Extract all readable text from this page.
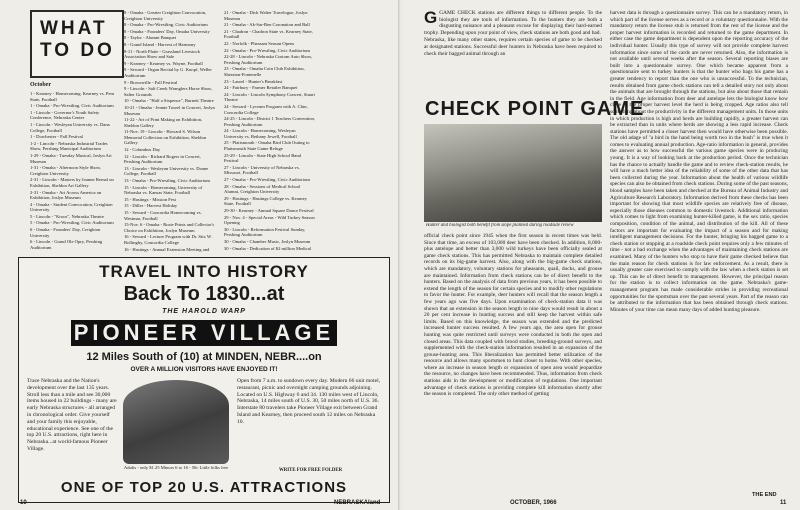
WHAT
TO DO
October
1 - Kearney - Homecoming. Kearney vs. Peru State, Football
1 - Omaha - Pro-Wrestling, Civic Auditorium
1 - Lincoln - Governor's Youth Safety Conference, Nebraska Center
1 - Lincoln - Wesleyan University vs. Dana College, Football
1 - Dorchester - Fall Festival
1-2 - Lincoln - Nebraska Industrial Trades Show, Pershing Municipal Auditorium
1-29 - Omaha - Tuesday Musical, Joslyn Art Museum
1-31 - Omaha - Afternoon Style Show, Creighton University
2-31 - Lincoln - Masters by Joanne Bernal on Exhibition, Sheldon Art Gallery
2-31 - Omaha - Art Across America on Exhibition, Joslyn Museum
4 - Omaha - Student Convocation, Creighton University
5 - Lincoln - "Kroos", Nebraska Theatre
5 - Omaha - Pro-Wrestling, Civic Auditorium
6 - Omaha - Founders' Day, Creighton University
6 - Lincoln - Grand Ole Opry, Pershing Auditorium
8 - Omaha - Greater Creighton Convocation, Creighton University
8 - Omaha - Pro-Wrestling, Civic Auditorium
8 - Omaha - Founders' Day, Omaha University
8 - Taylor - Alumni Banquet
8 - Grand Island - Harvest of Harmony
8-11 - North Platte - Grassland Livestock Association Show and Sale
9 - Kearney - Kearney vs. Wayne, Football
9 - Seward - Organ Recital by G. Knopf, Weller Auditorium
9 - Brownville - Fall Festival
9 - Lincoln - Salt Creek Wranglers Horse Show, Salter Grounds
10 - Omaha - "Half a Sixpence", Burnett Theatre
10-21 - Omaha - Jennie Tourel in Concert, Joslyn Museum
11-22 - Art of Print Making on Exhibition, Sheldon Gallery
11-Nov. 19 - Lincoln - Howard S. Wilson Memorial Collection on Exhibition, Sheldon Gallery
12 - Columbus Day
12 - Lincoln - Richard Rogers in Concert, Pershing Auditorium
13 - Lincoln - Wesleyan University vs. Doane College, Football
13 - Omaha - Pro-Wrestling, Civic Auditorium
15 - Lincoln - Homecoming, University of Nebraska vs. Kansas State, Football
15 - Hastings - Mission Fest
15 - Diller - Harvest Holiday
15 - Seward - Concordia Homecoming vs. Westmar, Football
15-Nov. 6 - Omaha - Rosie Prints and Collector's Choice on Exhibition, Joslyn Museum
16 - Seward - Lecture Program with Dr. Stix W. Bollinghy, Concordia College
16 - Hastings - Annual Extension Meeting and
21 - Omaha - Dick Walter Travelogue, Joslyn Museum
21 - Omaha - Ak-Sar-Ben Coronation and Ball
21 - Chadron - Chadron State vs. Kearney State, Football
22 - Norfolk - Pheasant Season Opens
22 - Omaha - Pro-Wrestling, Civic Auditorium
22-28 - Lincoln - Nebraska Custom Auto Show, Pershing Auditorium
23 - Omaha - Omaha Coin Club Exhibition, Sheraton-Fontenelle
23 - Laurel - Hunter's Breakfast
24 - Fairbury - Farmer Retailer Banquet
24 - Lincoln - Lincoln Symphony Concert, Stuart Theatre
24 - Seward - Lyceum Program with A. Chin, Concordia College
24-25 - Lincoln - District 1 Teachers Convention, Pershing Auditorium
24 - Lincoln - Homecoming, Wesleyan University vs. Bethany Jewell, Football
25 - Plattsmouth - Omaha Bird Club Outing to Plattsmouth State Game Refuge
25-29 - Lincoln - State High School Band Festival
27 - Lincoln - University of Nebraska vs. Missouri, Football
27 - Omaha - Pro-Wrestling, Civic Auditorium
28 - Omaha - Sessions of Medical School Alumni, Creighton University
29 - Hastings - Hastings College vs. Kearney State, Football
29-30 - Kearney - Annual Square Dance Festival
29 - Nov. 4 - Special Areas - Wild Turkey Season Opening
30 - Lincoln - Reformation Festival Sunday, Pershing Auditorium
30 - Omaha - Chamber Music, Joslyn Museum
30 - Omaha - Dedication of $2 million Medical
TRAVEL INTO HISTORY
Back To 1830...at
THE HAROLD WARP
PIONEER VILLAGE
12 Miles South of (10) at MINDEN, NEBR....on
OVER A MILLION VISITORS HAVE ENJOYED IT!
Trace Nebraska and the Nation's development over the last 135 years. Stroll less than a mile and see 30,000 items housed in 22 buildings - many are early Nebraska structures - all arranged in chronological order. Give yourself and your family this enjoyable, educational experience. See one of the top 20 U.S. attractions, right here in Nebraska...at world-famous Pioneer Village.
Adults - only $1.25 Minors 6 to 16 - 50c Little folks free
Open from 7 a.m. to sundown every day. Modern 66 unit motel, restaurant, picnic and overnight camping grounds adjoining. Located on U.S. Highway 6 and 34. 130 miles west of Lincoln, Nebraska, 14 miles south of U.S. 30, 50 miles north of U.S. 36. Interstate 80 travelers take Pioneer Village exit between Grand Island and Kearney, then proceed south 12 miles on Nebraska 10.
WRITE FOR FREE FOLDER
ONE OF TOP 20 U.S. ATTRACTIONS
10	NEBRASKAland

GGAME CHECK stations are different things to different people. To the biologist they are tools of information. To the hunters they are both a disgusting nuisance and a pleasant excuse for displaying their hard-earned trophy. Depending upon your point of view, check stations are both good and bad.

Nebraska, like many other states, requires certain species of game to be checked at designated stations. Successful deer hunters in Nebraska have been required to check their bagged animal through an

CHECK POINT GAME
Hunter and biologist both benefit from slope planned during roadside review
official check point since 1945 when the first season in recent times was held. Since that time, an excess of 103,000 deer have been checked. In addition, 8,000-plus antelope and better than 3,000 wild turkeys have been officially sealed at game check stations. This has permitted Nebraska to maintain complete detailed records on its big-game harvest. Also, along with the big-game check stations, which are mandatory, voluntary stations for pheasants, quail, ducks, and grouse are maintained. Information from check stations can be of direct benefit to the hunters. Based on the analysis of data from previous years, it has been possible to extend the length of the season for certain species and to modify other regulations to favor the hunter. For example, deer hunters will recall that the season length a few years ago was five days. Upon examination of check-station data it was shown that an extension in the season length to nine days would result in about a 20 per cent increase in hunting success and still keep the harvest within safe limits. Based on this knowledge, the season was extended and the predicted increased hunter success resulted. A few years ago, the area open for grouse hunting was quite restricted until surveys were conducted in both the open and closed areas. This data coupled with brood studies, breeding-ground surveys, and supplemented with the check-station information resulted in an expansion of the grouse-hunting area. This liberalization has permitted better utilization of the resource and allows many sportsmen to hunt closer to home. With other species, where an increase in season length or expansion of open area would jeopardize the resource, no changes have been recommended. Thus, information from check stations aids in the development or modification of regulations. One important advantage of check stations is providing complete kill information shortly after the season is completed. The only other method of getting
harvest data is through a questionnaire survey. This can be a mandatory return, in which part of the license serves as a record or a voluntary questionnaire. With the mandatory return the license stub is returned from the rest of the license and the proper harvest information is recorded and returned to the game department. In either case the game department is dependent upon the reporting accuracy of the individual hunter. Usually this type of survey will not provide complete harvest information since some of the cards are never returned. Also, the information is not available until several weeks after the season. Several reporting biases are built into a questionnaire survey. One which became apparent from a questionnaire sent to turkey hunters is that the hunter who bags his game has a greater tendency to report than the one who is unsuccessful. To the technician, results obtained from game check stations can tell a detailed story not only about the animals that are brought through the stations, but also about those that remain in the field. Age information from deer and antelope lets the biologist know how close to the proper harvest level the herd is being cropped. Age ratios also tell something about the productivity in the different management units. In those units in which production is high and herds are building rapidly, a greater harvest can be extracted than in units where herds are showing a less rapid increase. Check stations have permitted a closer harvest then would have otherwise been possible. The old adage of "a bird in the hand being worth two in the bush" is true when it comes to evaluating annual production. Age-ratio information in general, provides the answer as to how successful the various game species were in producing young. It is a way of looking back at the production period. Once the technician has the chance to actually handle the game and to review check-station results, he will have a much better idea of the reliability of some of the other data that has been collected during the year. Information about the health of various wildlife species can also be obtained from check stations. During some of the past seasons, blood samples have been taken and checked at the Bureau of Animal Industry and Agriculture Research Laboratory. Information derived from these checks has been important for showing that most wildlife species are relatively free of disease, especially those diseases common to domestic livestock. Additional information which comes to light from examining hunter-killed game, is the sex ratio, species composition, condition of the animal, and distribution of the kill. All of these factors are important for evaluating the impact of a season and for making intelligent management decisions. For the hunter, bringing his bagged game to a check station or stopping at a roadside check point requires only a few minutes of time - not a bad exchange when the advantages of maintaining check stations are examined. Many of the hunters who stop to have their game checked believe that the main reason for check stations is for law enforcement. As a result, there is usually greater care exercised to comply with the law when a check station is set up. This can be of direct benefit to management. However, the principal reason for the station is to collect information on the game. Nebraska's game-management program has made considerable strides in providing recreational opportunities for the sportsman over the past several years. Part of the reason can be attributed to the information that has been obtained through check stations. Minutes of your time can mean many days of added hunting pleasure.
THE END
OCTOBER, 1966	11
